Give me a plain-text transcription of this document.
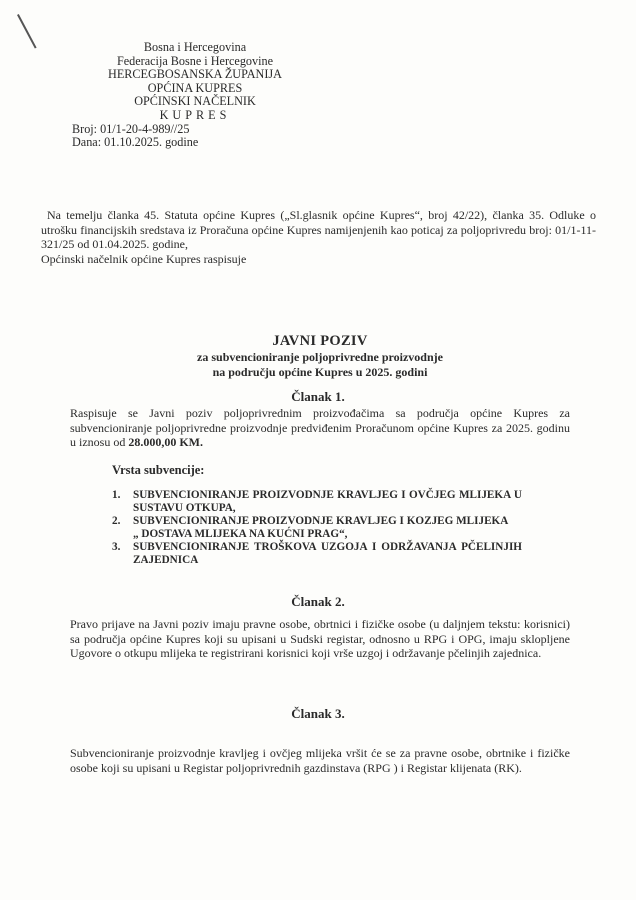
Bosna i Hercegovina
Federacija Bosne i Hercegovine
HERCEGBOSANSKA ŽUPANIJA
OPĆINA KUPRES
OPĆINSKI NAČELNIK
KUPRES
Broj: 01/1-20-4-989//25
Dana: 01.10.2025. godine

Na temelju članka 45. Statuta općine Kupres („Sl.glasnik općine Kupres“, broj 42/22), članka 35. Odluke o utrošku financijskih sredstava iz Proračuna općine Kupres namijenjenih kao poticaj za poljoprivredu broj: 01/1-11-321/25 od 01.04.2025. godine,

Općinski načelnik općine Kupres raspisuje

JAVNI POZIV
za subvencioniranje poljoprivredne proizvodnje
na području općine Kupres u 2025. godini
Članak 1.

Raspisuje se Javni poziv poljoprivrednim proizvođačima sa područja općine Kupres za subvencioniranje poljoprivredne proizvodnje predviđenim Proračunom općine Kupres za 2025. godinu u iznosu od 28.000,00 KM.

Vrsta subvencije:
1. SUBVENCIONIRANJE PROIZVODNJE KRAVLJEG I OVČJEG MLIJEKA U
SUSTAVU OTKUPA,
2. SUBVENCIONIRANJE PROIZVODNJE KRAVLJEG I KOZJEG MLIJEKA
„ DOSTAVA MLIJEKA NA KUĆNI PRAG“,
3. SUBVENCIONIRANJE TROŠKOVA UZGOJA I ODRŽAVANJA PČELINJIH
ZAJEDNICA
Članak 2.

Pravo prijave na Javni poziv imaju pravne osobe, obrtnici i fizičke osobe (u daljnjem tekstu: korisnici) sa područja općine Kupres koji su upisani u Sudski registar, odnosno u RPG i OPG, imaju sklopljene Ugovore o otkupu mlijeka te registrirani korisnici koji vrše uzgoj i održavanje pčelinjih zajednica.

Članak 3.

Subvencioniranje proizvodnje kravljeg i ovčjeg mlijeka vršit će se za pravne osobe, obrtnike i fizičke osobe koji su upisani u Registar poljoprivrednih gazdinstava (RPG ) i Registar klijenata (RK).
